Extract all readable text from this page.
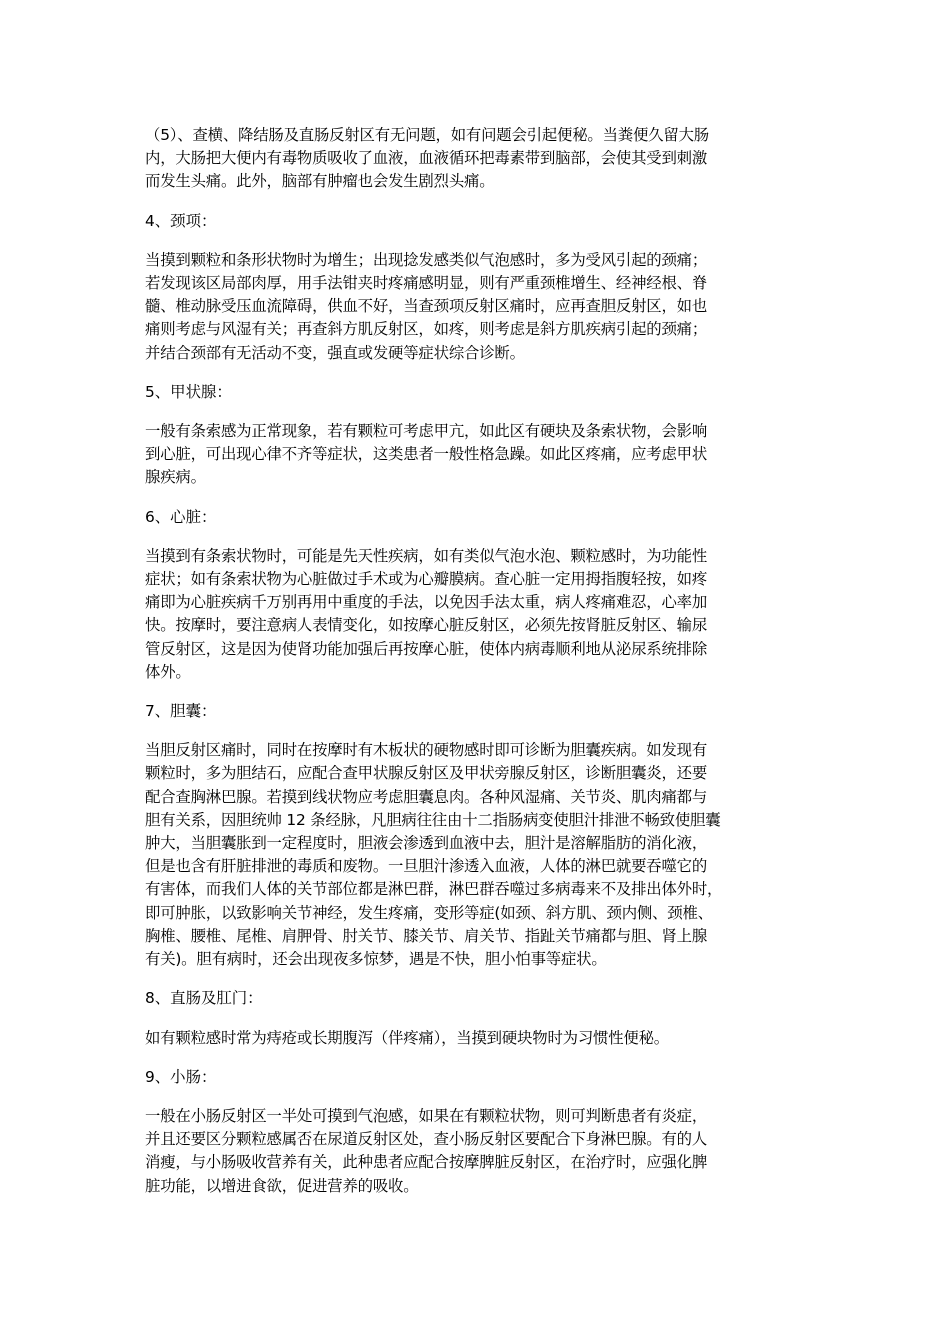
（5）、查横、降结肠及直肠反射区有无问题，如有问题会引起便秘。当粪便久留大肠
内，大肠把大便内有毒物质吸收了血液，血液循环把毒素带到脑部，会使其受到刺激
而发生头痛。此外，脑部有肿瘤也会发生剧烈头痛。

4、颈项：

当摸到颗粒和条形状物时为增生；出现捻发感类似气泡感时，多为受风引起的颈痛；
若发现该区局部肉厚，用手法钳夹时疼痛感明显，则有严重颈椎增生、经神经根、脊
髓、椎动脉受压血流障碍，供血不好，当查颈项反射区痛时，应再查胆反射区，如也
痛则考虑与风湿有关；再查斜方肌反射区，如疼，则考虑是斜方肌疾病引起的颈痛；
并结合颈部有无活动不变，强直或发硬等症状综合诊断。

5、甲状腺：

一般有条索感为正常现象，若有颗粒可考虑甲亢，如此区有硬块及条索状物，会影响
到心脏，可出现心律不齐等症状，这类患者一般性格急躁。如此区疼痛，应考虑甲状
腺疾病。

6、心脏：

当摸到有条索状物时，可能是先天性疾病，如有类似气泡水泡、颗粒感时，为功能性
症状；如有条索状物为心脏做过手术或为心瓣膜病。查心脏一定用拇指腹轻按，如疼
痛即为心脏疾病千万别再用中重度的手法，以免因手法太重，病人疼痛难忍，心率加
快。按摩时，要注意病人表情变化，如按摩心脏反射区，必须先按肾脏反射区、输尿
管反射区，这是因为使肾功能加强后再按摩心脏，使体内病毒顺利地从泌尿系统排除
体外。

7、胆囊：

当胆反射区痛时，同时在按摩时有木板状的硬物感时即可诊断为胆囊疾病。如发现有
颗粒时，多为胆结石，应配合查甲状腺反射区及甲状旁腺反射区，诊断胆囊炎，还要
配合查胸淋巴腺。若摸到线状物应考虑胆囊息肉。各种风湿痛、关节炎、肌肉痛都与
胆有关系，因胆统帅 12 条经脉，凡胆病往往由十二指肠病变使胆汁排泄不畅致使胆囊
肿大，当胆囊胀到一定程度时，胆液会渗透到血液中去，胆汁是溶解脂肪的消化液，
但是也含有肝脏排泄的毒质和废物。一旦胆汁渗透入血液，人体的淋巴就要吞噬它的
有害体，而我们人体的关节部位都是淋巴群，淋巴群吞噬过多病毒来不及排出体外时，
即可肿胀，以致影响关节神经，发生疼痛，变形等症(如颈、斜方肌、颈内侧、颈椎、
胸椎、腰椎、尾椎、肩胛骨、肘关节、膝关节、肩关节、指趾关节痛都与胆、肾上腺
有关)。胆有病时，还会出现夜多惊梦，遇是不快，胆小怕事等症状。

8、直肠及肛门：

如有颗粒感时常为痔疮或长期腹泻（伴疼痛），当摸到硬块物时为习惯性便秘。

9、小肠：

一般在小肠反射区一半处可摸到气泡感，如果在有颗粒状物，则可判断患者有炎症，
并且还要区分颗粒感属否在尿道反射区处，查小肠反射区要配合下身淋巴腺。有的人
消瘦，与小肠吸收营养有关，此种患者应配合按摩脾脏反射区，在治疗时，应强化脾
脏功能，以增进食欲，促进营养的吸收。
